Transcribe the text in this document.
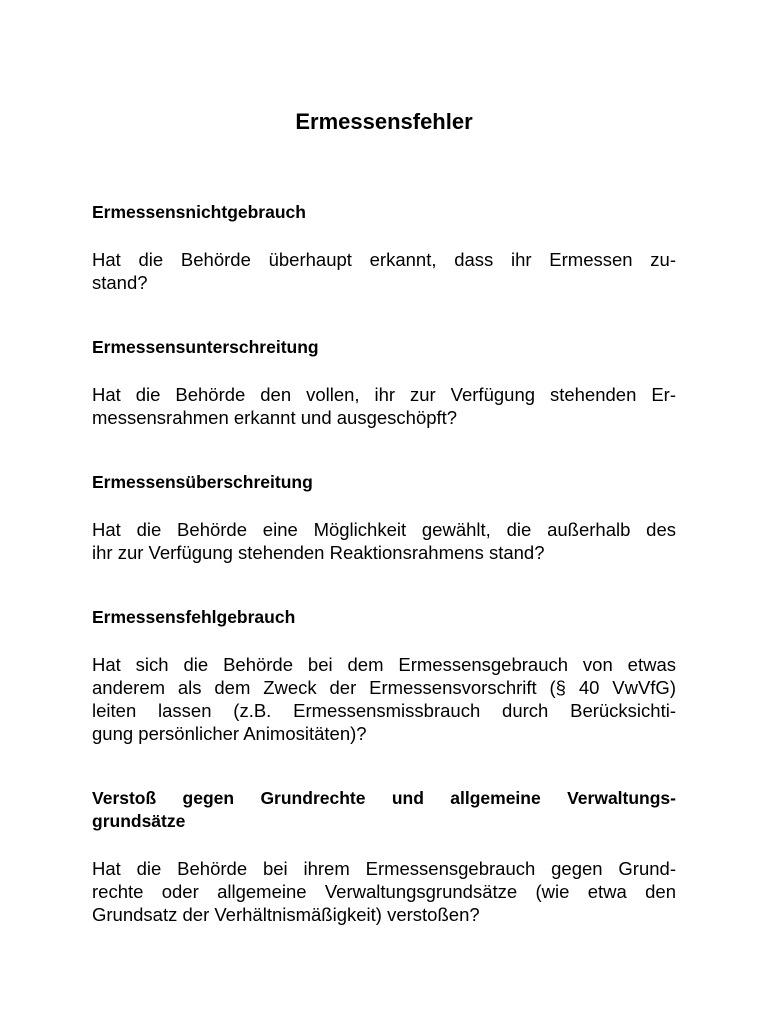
Ermessensfehler
Ermessensnichtgebrauch

Hat die Behörde überhaupt erkannt, dass ihr Ermessen zu-
stand?

Ermessensunterschreitung

Hat die Behörde den vollen, ihr zur Verfügung stehenden Er-
messensrahmen erkannt und ausgeschöpft?

Ermessensüberschreitung

Hat die Behörde eine Möglichkeit gewählt, die außerhalb des
ihr zur Verfügung stehenden Reaktionsrahmens stand?

Ermessensfehlgebrauch

Hat sich die Behörde bei dem Ermessensgebrauch von etwas
anderem als dem Zweck der Ermessensvorschrift (§ 40 VwVfG)
leiten lassen (z.B. Ermessensmissbrauch durch Berücksichti-
gung persönlicher Animositäten)?

Verstoß gegen Grundrechte und allgemeine Verwaltungs-
grundsätze

Hat die Behörde bei ihrem Ermessensgebrauch gegen Grund-
rechte oder allgemeine Verwaltungsgrundsätze (wie etwa den
Grundsatz der Verhältnismäßigkeit) verstoßen?
